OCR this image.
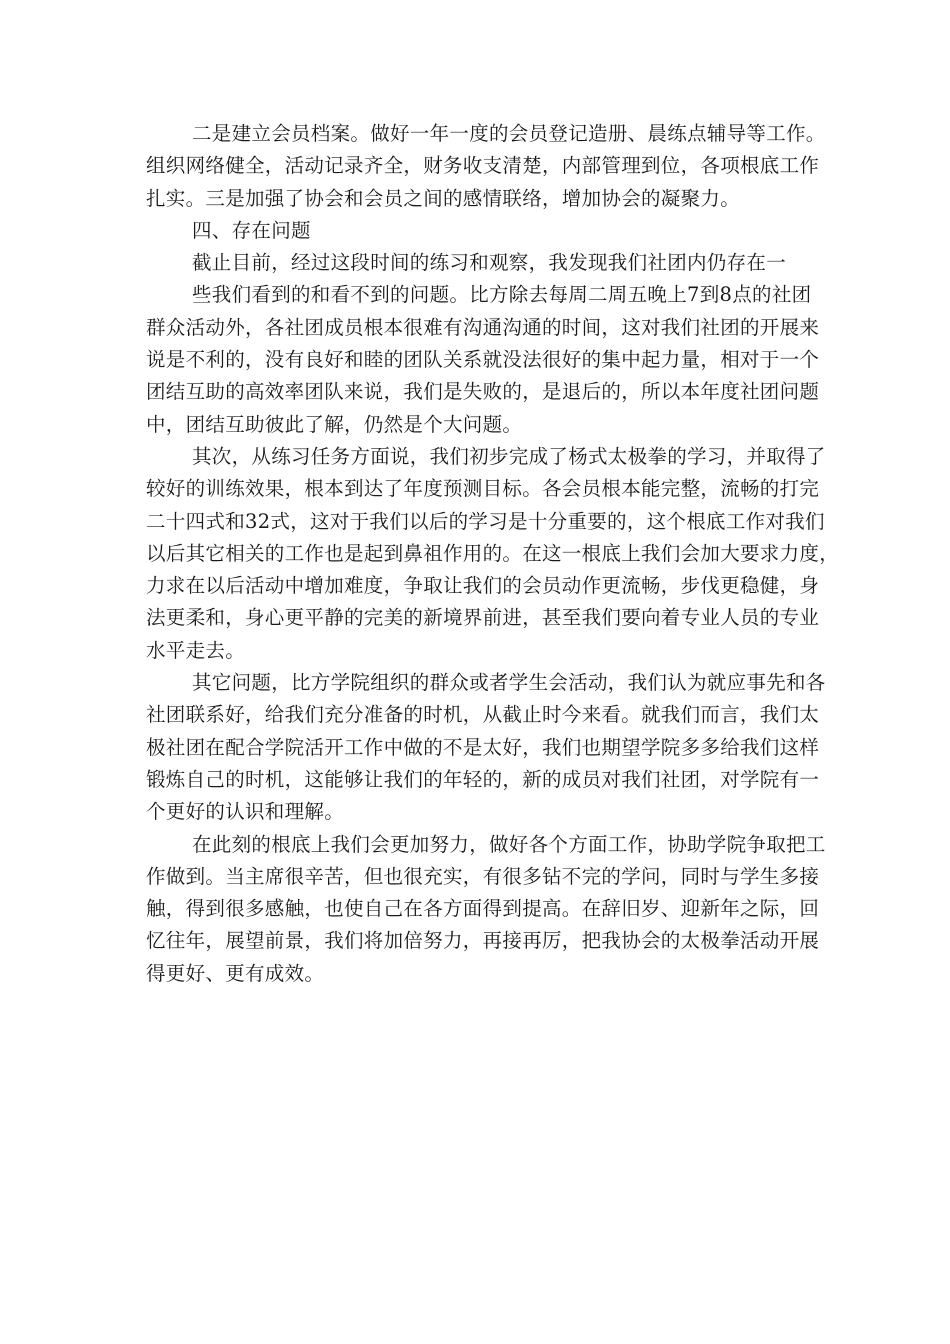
二是建立会员档案。做好一年一度的会员登记造册、晨练点辅导等工作。
组织网络健全，活动记录齐全，财务收支清楚，内部管理到位，各项根底工作
扎实。三是加强了协会和会员之间的感情联络，增加协会的凝聚力。
四、存在问题
截止目前，经过这段时间的练习和观察，我发现我们社团内仍存在一
些我们看到的和看不到的问题。比方除去每周二周五晚上7到8点的社团
群众活动外，各社团成员根本很难有沟通沟通的时间，这对我们社团的开展来
说是不利的，没有良好和睦的团队关系就没法很好的集中起力量，相对于一个
团结互助的高效率团队来说，我们是失败的，是退后的，所以本年度社团问题
中，团结互助彼此了解，仍然是个大问题。
其次，从练习任务方面说，我们初步完成了杨式太极拳的学习，并取得了
较好的训练效果，根本到达了年度预测目标。各会员根本能完整，流畅的打完
二十四式和32式，这对于我们以后的学习是十分重要的，这个根底工作对我们
以后其它相关的工作也是起到鼻祖作用的。在这一根底上我们会加大要求力度，
力求在以后活动中增加难度，争取让我们的会员动作更流畅，步伐更稳健，身
法更柔和，身心更平静的完美的新境界前进，甚至我们要向着专业人员的专业
水平走去。
其它问题，比方学院组织的群众或者学生会活动，我们认为就应事先和各
社团联系好，给我们充分准备的时机，从截止时今来看。就我们而言，我们太
极社团在配合学院活开工作中做的不是太好，我们也期望学院多多给我们这样
锻炼自己的时机，这能够让我们的年轻的，新的成员对我们社团，对学院有一
个更好的认识和理解。
在此刻的根底上我们会更加努力，做好各个方面工作，协助学院争取把工
作做到。当主席很辛苦，但也很充实，有很多钻不完的学问，同时与学生多接
触，得到很多感触，也使自己在各方面得到提高。在辞旧岁、迎新年之际，回
忆往年，展望前景，我们将加倍努力，再接再厉，把我协会的太极拳活动开展
得更好、更有成效。
